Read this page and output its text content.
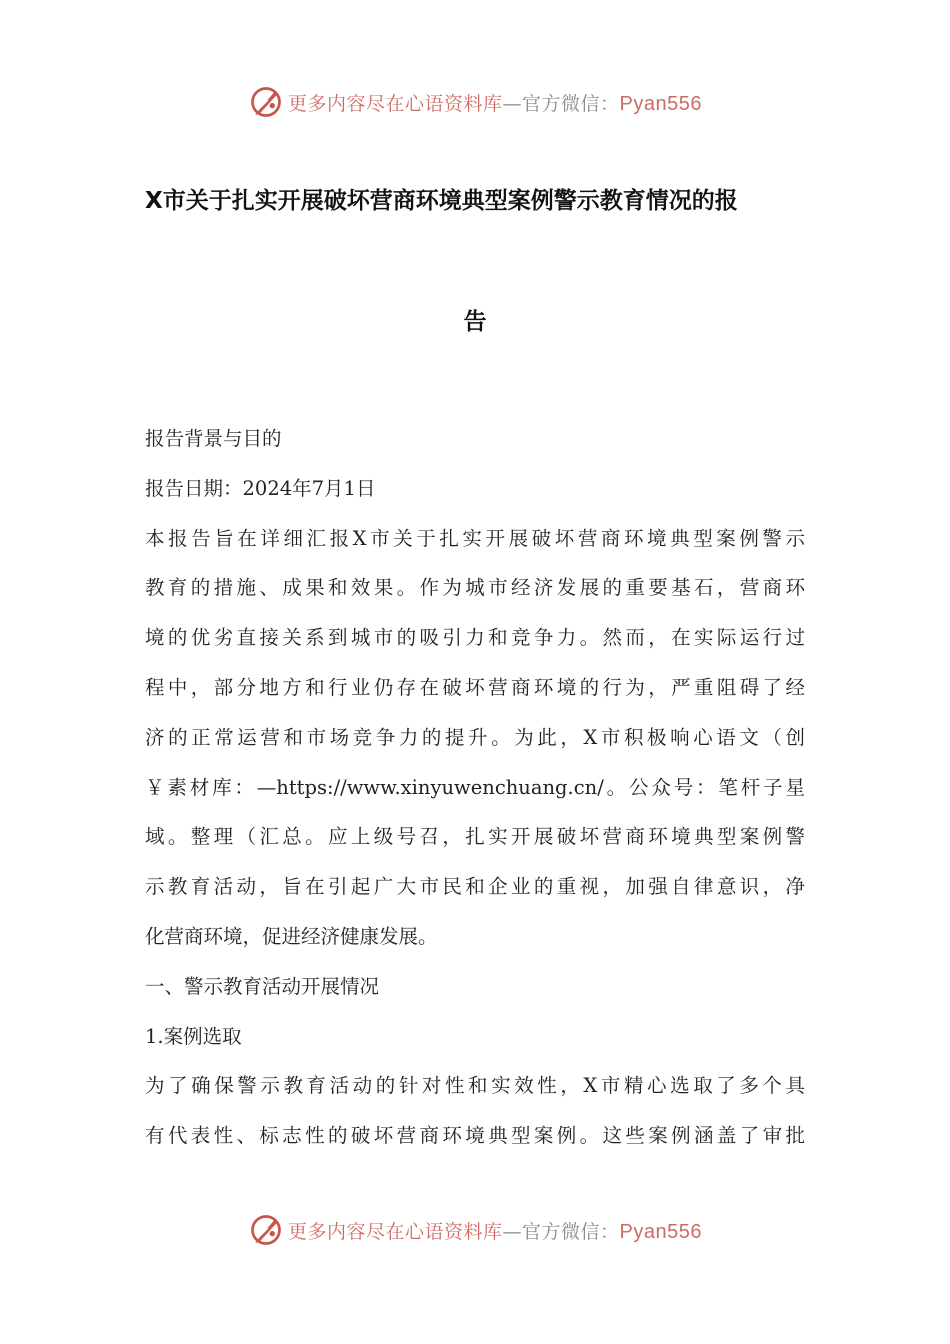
更多内容尽在心语资料库—官方微信：Pyan556
X市关于扎实开展破坏营商环境典型案例警示教育情况的报
告
报告背景与目的
报告日期：2024年7月1日
本报告旨在详细汇报X市关于扎实开展破坏营商环境典型案例警示
教育的措施、成果和效果。作为城市经济发展的重要基石，营商环
境的优劣直接关系到城市的吸引力和竞争力。然而，在实际运行过
程中，部分地方和行业仍存在破坏营商环境的行为，严重阻碍了经
济的正常运营和市场竞争力的提升。为此，X市积极响心语文（创
￥素材库：—https://www.xinyuwenchuang.cn/。公众号：笔杆子星
域。整理（汇总。应上级号召，扎实开展破坏营商环境典型案例警
示教育活动，旨在引起广大市民和企业的重视，加强自律意识，净
化营商环境，促进经济健康发展。
一、警示教育活动开展情况
1.案例选取
为了确保警示教育活动的针对性和实效性，X市精心选取了多个具
有代表性、标志性的破坏营商环境典型案例。这些案例涵盖了审批
更多内容尽在心语资料库—官方微信：Pyan556
